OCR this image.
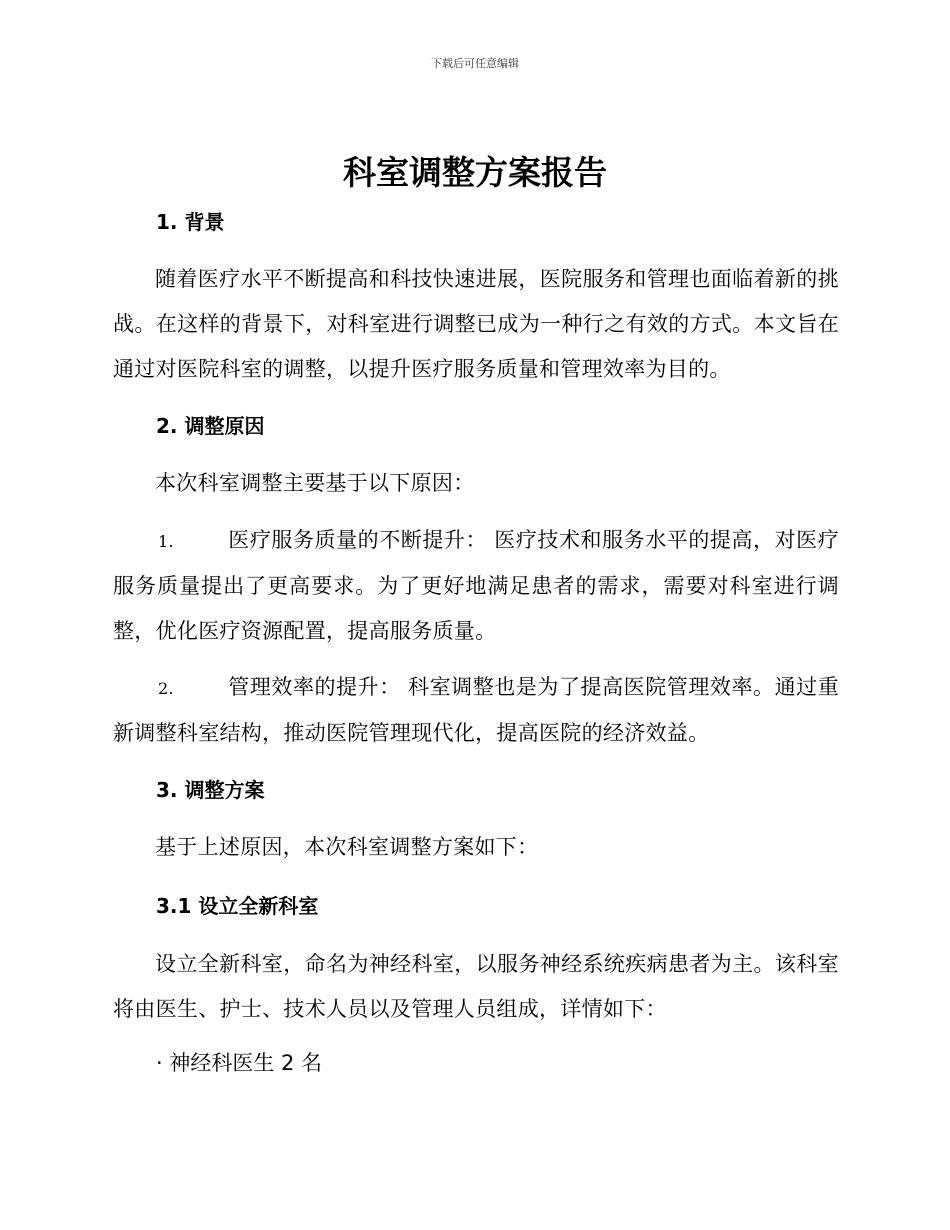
下载后可任意编辑
科室调整方案报告
1. 背景

随着医疗水平不断提高和科技快速进展，医院服务和管理也面临着新的挑战。在这样的背景下，对科室进行调整已成为一种行之有效的方式。本文旨在通过对医院科室的调整，以提升医疗服务质量和管理效率为目的。

2. 调整原因

本次科室调整主要基于以下原因：

1.	医疗服务质量的不断提升： 医疗技术和服务水平的提高，对医疗服务质量提出了更高要求。为了更好地满足患者的需求，需要对科室进行调整，优化医疗资源配置，提高服务质量。

2.	管理效率的提升： 科室调整也是为了提高医院管理效率。通过重新调整科室结构，推动医院管理现代化，提高医院的经济效益。

3. 调整方案

基于上述原因，本次科室调整方案如下：

3.1 设立全新科室

设立全新科室，命名为神经科室，以服务神经系统疾病患者为主。该科室将由医生、护士、技术人员以及管理人员组成，详情如下：

· 神经科医生 2 名
